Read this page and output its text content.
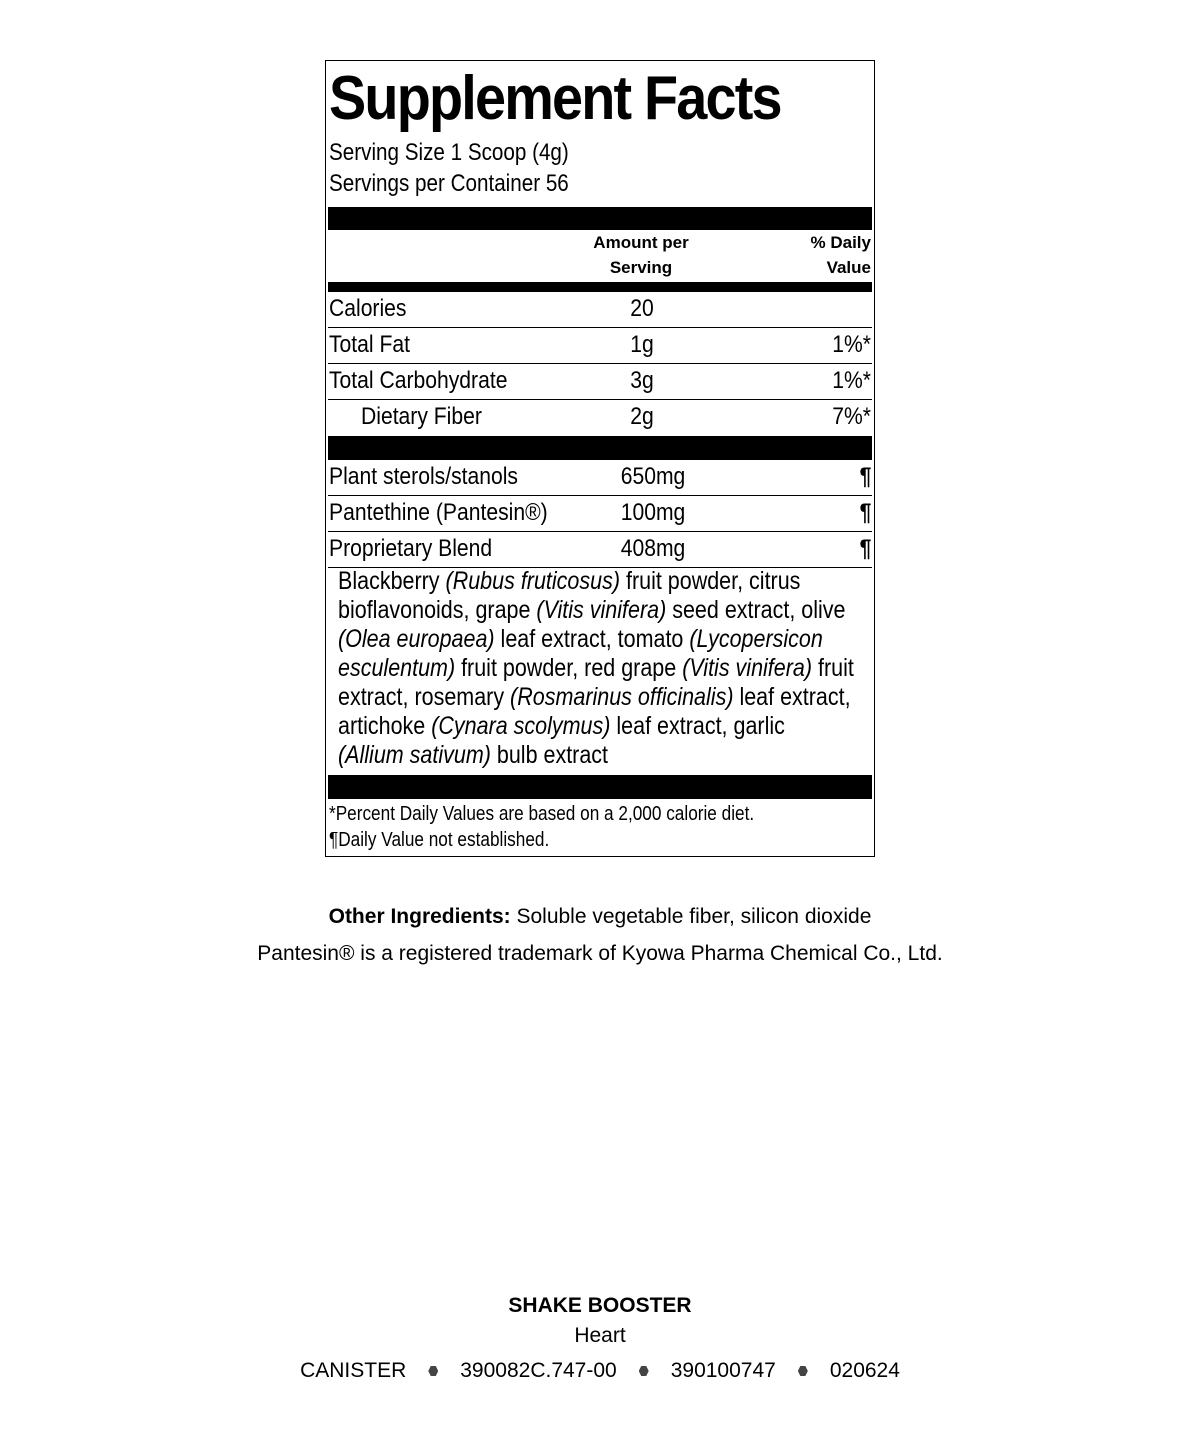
Supplement Facts
Serving Size 1 Scoop (4g)
Servings per Container 56
Amount per
Serving
% Daily
Value
Calories	20
Total Fat	1g	1%*
Total Carbohydrate	3g	1%*
Dietary Fiber	2g	7%*
Plant sterols/stanols	650mg	¶
Pantethine (Pantesin®)	100mg	¶
Proprietary Blend	408mg	¶
Blackberry (Rubus fruticosus) fruit powder, citrus bioflavonoids, grape (Vitis vinifera) seed extract, olive (Olea europaea) leaf extract, tomato (Lycopersicon esculentum) fruit powder, red grape (Vitis vinifera) fruit extract, rosemary (Rosmarinus officinalis) leaf extract, artichoke (Cynara scolymus) leaf extract, garlic (Allium sativum) bulb extract
*Percent Daily Values are based on a 2,000 calorie diet.
¶Daily Value not established.
Other Ingredients: Soluble vegetable fiber, silicon dioxide
Pantesin® is a registered trademark of Kyowa Pharma Chemical Co., Ltd.
SHAKE BOOSTER
Heart
CANISTER	390082C.747-00	390100747	020624
